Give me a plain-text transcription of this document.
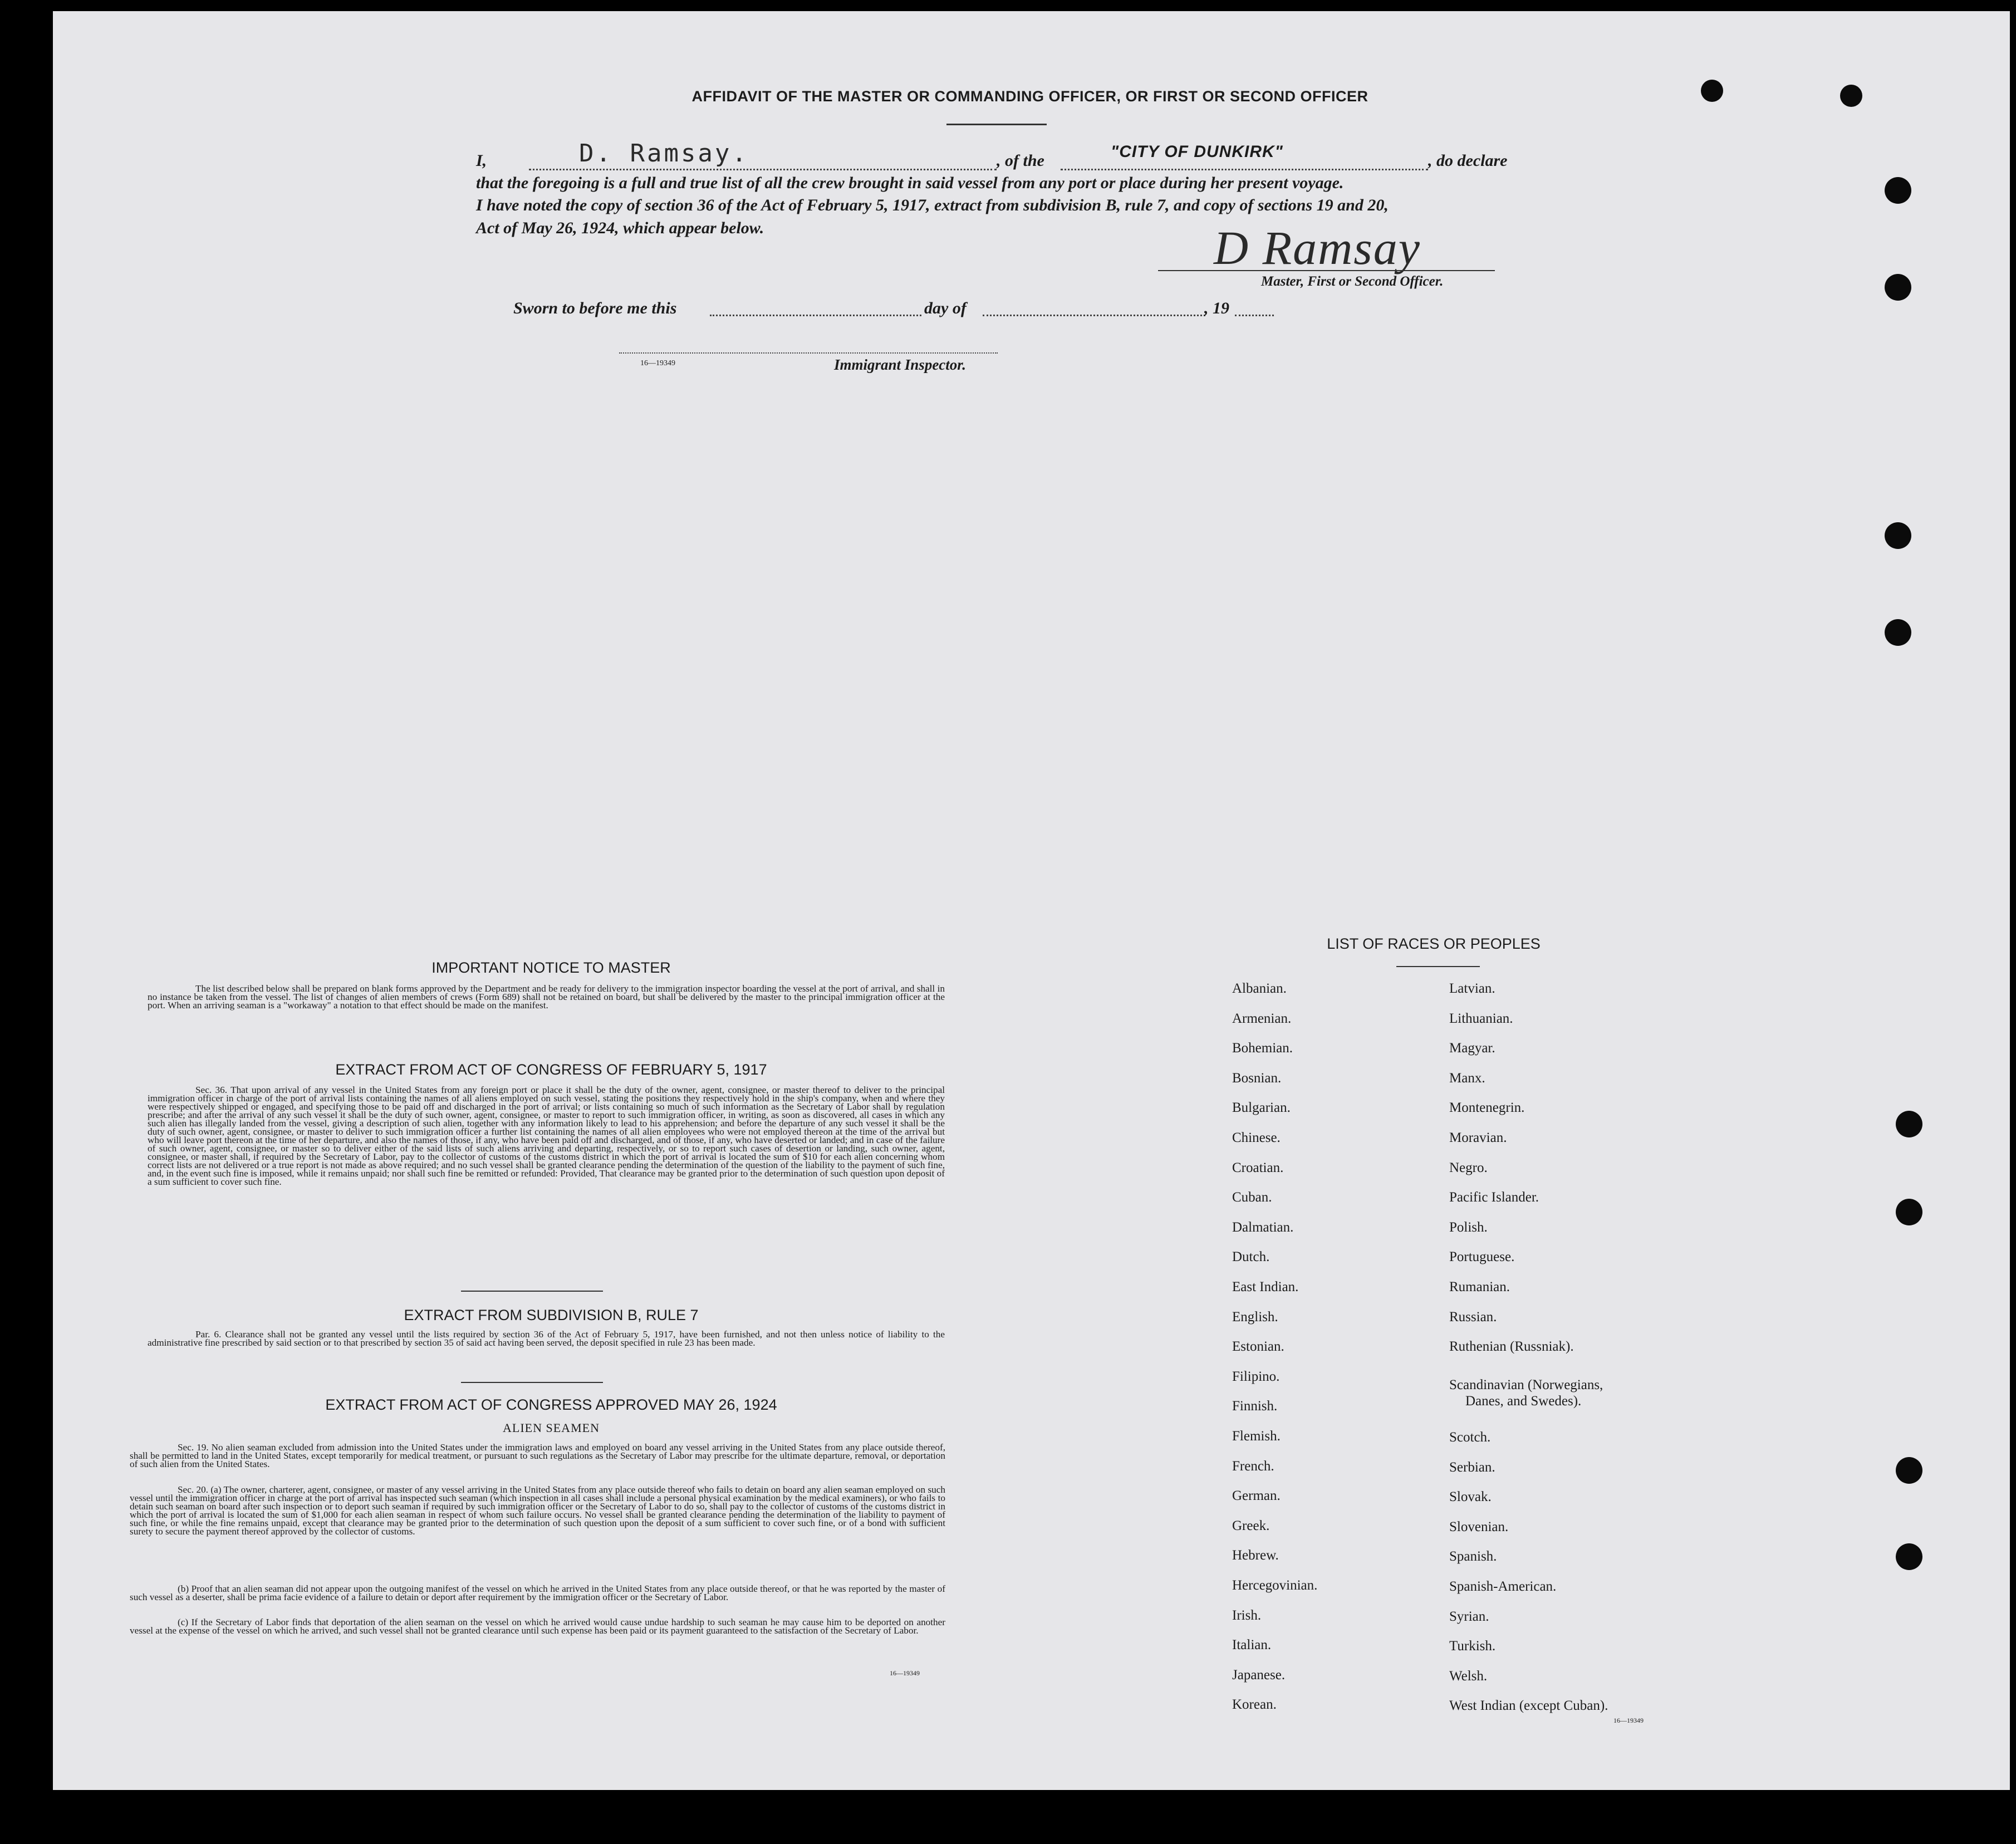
AFFIDAVIT OF THE MASTER OR COMMANDING OFFICER, OR FIRST OR SECOND OFFICER
I,	D. Ramsay.	, of the	"CITY OF DUNKIRK"	, do declare
that the foregoing is a full and true list of all the crew brought in said vessel from any port or place during her present voyage.
I have noted the copy of section 36 of the Act of February 5, 1917, extract from subdivision B, rule 7, and copy of sections 19 and 20,
Act of May 26, 1924, which appear below.	D Ramsay
Master, First or Second Officer.
Sworn to before me this	day of	, 19
16—19349	Immigrant Inspector.
IMPORTANT NOTICE TO MASTER
The list described below shall be prepared on blank forms approved by the Department and be ready for delivery to the immigration inspector boarding the vessel at the port of arrival, and shall in no instance be taken from the vessel. The list of changes of alien members of crews (Form 689) shall not be retained on board, but shall be delivered by the master to the principal immigration officer at the port. When an arriving seaman is a "workaway" a notation to that effect should be made on the manifest.
EXTRACT FROM ACT OF CONGRESS OF FEBRUARY 5, 1917
Sec. 36. That upon arrival of any vessel in the United States from any foreign port or place it shall be the duty of the owner, agent, consignee, or master thereof to deliver to the principal immigration officer in charge of the port of arrival lists containing the names of all aliens employed on such vessel, stating the positions they respectively hold in the ship's company, when and where they were respectively shipped or engaged, and specifying those to be paid off and discharged in the port of arrival; or lists containing so much of such information as the Secretary of Labor shall by regulation prescribe; and after the arrival of any such vessel it shall be the duty of such owner, agent, consignee, or master to report to such immigration officer, in writing, as soon as discovered, all cases in which any such alien has illegally landed from the vessel, giving a description of such alien, together with any information likely to lead to his apprehension; and before the departure of any such vessel it shall be the duty of such owner, agent, consignee, or master to deliver to such immigration officer a further list containing the names of all alien employees who were not employed thereon at the time of the arrival but who will leave port thereon at the time of her departure, and also the names of those, if any, who have been paid off and discharged, and of those, if any, who have deserted or landed; and in case of the failure of such owner, agent, consignee, or master so to deliver either of the said lists of such aliens arriving and departing, respectively, or so to report such cases of desertion or landing, such owner, agent, consignee, or master shall, if required by the Secretary of Labor, pay to the collector of customs of the customs district in which the port of arrival is located the sum of $10 for each alien concerning whom correct lists are not delivered or a true report is not made as above required; and no such vessel shall be granted clearance pending the determination of the question of the liability to the payment of such fine, and, in the event such fine is imposed, while it remains unpaid; nor shall such fine be remitted or refunded: Provided, That clearance may be granted prior to the determination of such question upon deposit of a sum sufficient to cover such fine.
EXTRACT FROM SUBDIVISION B, RULE 7
Par. 6. Clearance shall not be granted any vessel until the lists required by section 36 of the Act of February 5, 1917, have been furnished, and not then unless notice of liability to the administrative fine prescribed by said section or to that prescribed by section 35 of said act having been served, the deposit specified in rule 23 has been made.
EXTRACT FROM ACT OF CONGRESS APPROVED MAY 26, 1924
ALIEN SEAMEN
Sec. 19. No alien seaman excluded from admission into the United States under the immigration laws and employed on board any vessel arriving in the United States from any place outside thereof, shall be permitted to land in the United States, except temporarily for medical treatment, or pursuant to such regulations as the Secretary of Labor may prescribe for the ultimate departure, removal, or deportation of such alien from the United States.
Sec. 20. (a) The owner, charterer, agent, consignee, or master of any vessel arriving in the United States from any place outside thereof who fails to detain on board any alien seaman employed on such vessel until the immigration officer in charge at the port of arrival has inspected such seaman (which inspection in all cases shall include a personal physical examination by the medical examiners), or who fails to detain such seaman on board after such inspection or to deport such seaman if required by such immigration officer or the Secretary of Labor to do so, shall pay to the collector of customs of the customs district in which the port of arrival is located the sum of $1,000 for each alien seaman in respect of whom such failure occurs. No vessel shall be granted clearance pending the determination of the liability to payment of such fine, or while the fine remains unpaid, except that clearance may be granted prior to the determination of such question upon the deposit of a sum sufficient to cover such fine, or of a bond with sufficient surety to secure the payment thereof approved by the collector of customs.
(b) Proof that an alien seaman did not appear upon the outgoing manifest of the vessel on which he arrived in the United States from any place outside thereof, or that he was reported by the master of such vessel as a deserter, shall be prima facie evidence of a failure to detain or deport after requirement by the immigration officer or the Secretary of Labor.
(c) If the Secretary of Labor finds that deportation of the alien seaman on the vessel on which he arrived would cause undue hardship to such seaman he may cause him to be deported on another vessel at the expense of the vessel on which he arrived, and such vessel shall not be granted clearance until such expense has been paid or its payment guaranteed to the satisfaction of the Secretary of Labor.
16—19349
LIST OF RACES OR PEOPLES
Albanian.
Armenian.
Bohemian.
Bosnian.
Bulgarian.
Chinese.
Croatian.
Cuban.
Dalmatian.
Dutch.
East Indian.
English.
Estonian.
Filipino.
Finnish.
Flemish.
French.
German.
Greek.
Hebrew.
Hercegovinian.
Irish.
Italian.
Japanese.
Korean.
Latvian.
Lithuanian.
Magyar.
Manx.
Montenegrin.
Moravian.
Negro.
Pacific Islander.
Polish.
Portuguese.
Rumanian.
Russian.
Ruthenian (Russniak).
Scandinavian (Norwegians,
Danes, and Swedes).
Scotch.
Serbian.
Slovak.
Slovenian.
Spanish.
Spanish-American.
Syrian.
Turkish.
Welsh.
West Indian (except Cuban).
16—19349
